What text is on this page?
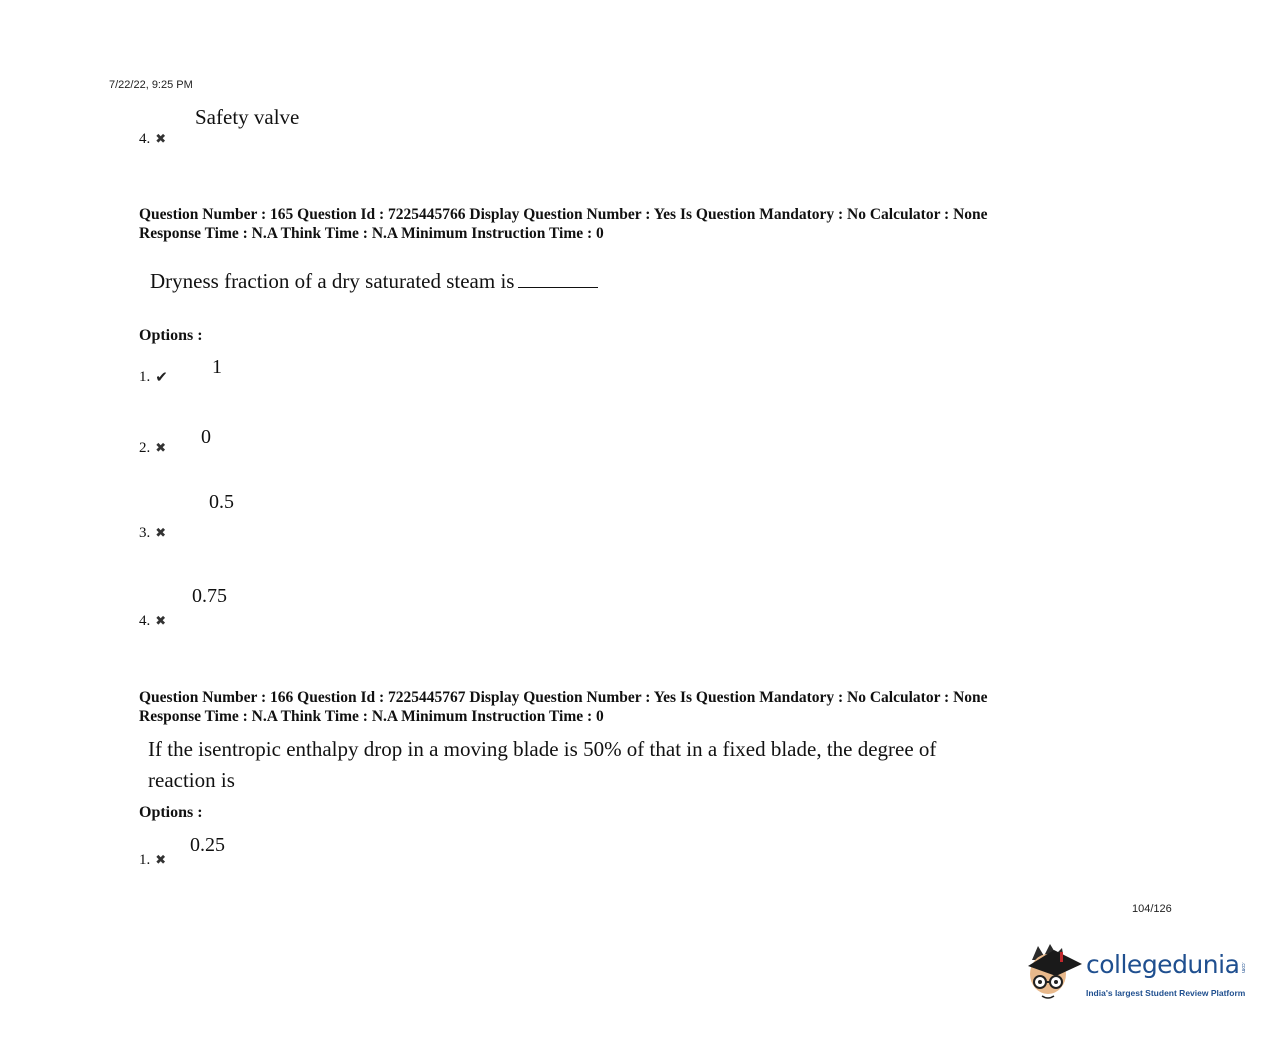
7/22/22, 9:25 PM
Safety valve
4. ✖
Question Number : 165 Question Id : 7225445766 Display Question Number : Yes Is Question Mandatory : No Calculator : None
Response Time : N.A Think Time : N.A Minimum Instruction Time : 0
Dryness fraction of a dry saturated steam is
Options :
1. ✔ 1
2. ✖
0
0.5
3. ✖
0.75
4. ✖
Question Number : 166 Question Id : 7225445767 Display Question Number : Yes Is Question Mandatory : No Calculator : None
Response Time : N.A Think Time : N.A Minimum Instruction Time : 0
If the isentropic enthalpy drop in a moving blade is 50% of that in a fixed blade, the degree of
reaction is
Options :
0.25
1. ✖
104/126
collegedunia .com
India's largest Student Review Platform
